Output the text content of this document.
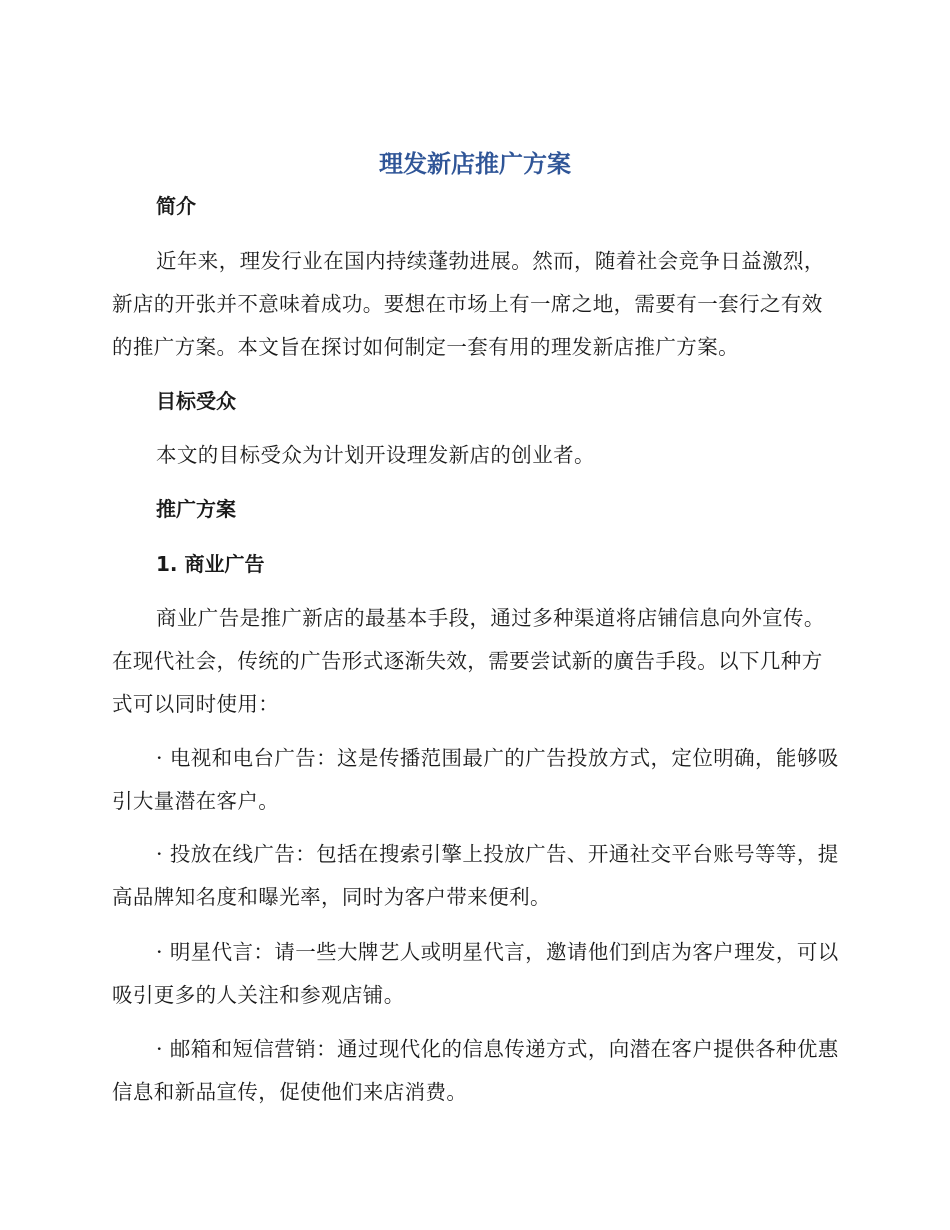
理发新店推广方案
简介

近年来，理发行业在国内持续蓬勃进展。然而，随着社会竞争日益激烈，新店的开张并不意味着成功。要想在市场上有一席之地，需要有一套行之有效的推广方案。本文旨在探讨如何制定一套有用的理发新店推广方案。

目标受众

本文的目标受众为计划开设理发新店的创业者。

推广方案
1. 商业广告

商业广告是推广新店的最基本手段，通过多种渠道将店铺信息向外宣传。在现代社会，传统的广告形式逐渐失效，需要尝试新的廣告手段。以下几种方式可以同时使用：

· 电视和电台广告：这是传播范围最广的广告投放方式，定位明确，能够吸引大量潜在客户。

· 投放在线广告：包括在搜索引擎上投放广告、开通社交平台账号等等，提高品牌知名度和曝光率，同时为客户带来便利。

· 明星代言：请一些大牌艺人或明星代言，邀请他们到店为客户理发，可以吸引更多的人关注和参观店铺。

· 邮箱和短信营销：通过现代化的信息传递方式，向潜在客户提供各种优惠信息和新品宣传，促使他们来店消费。
